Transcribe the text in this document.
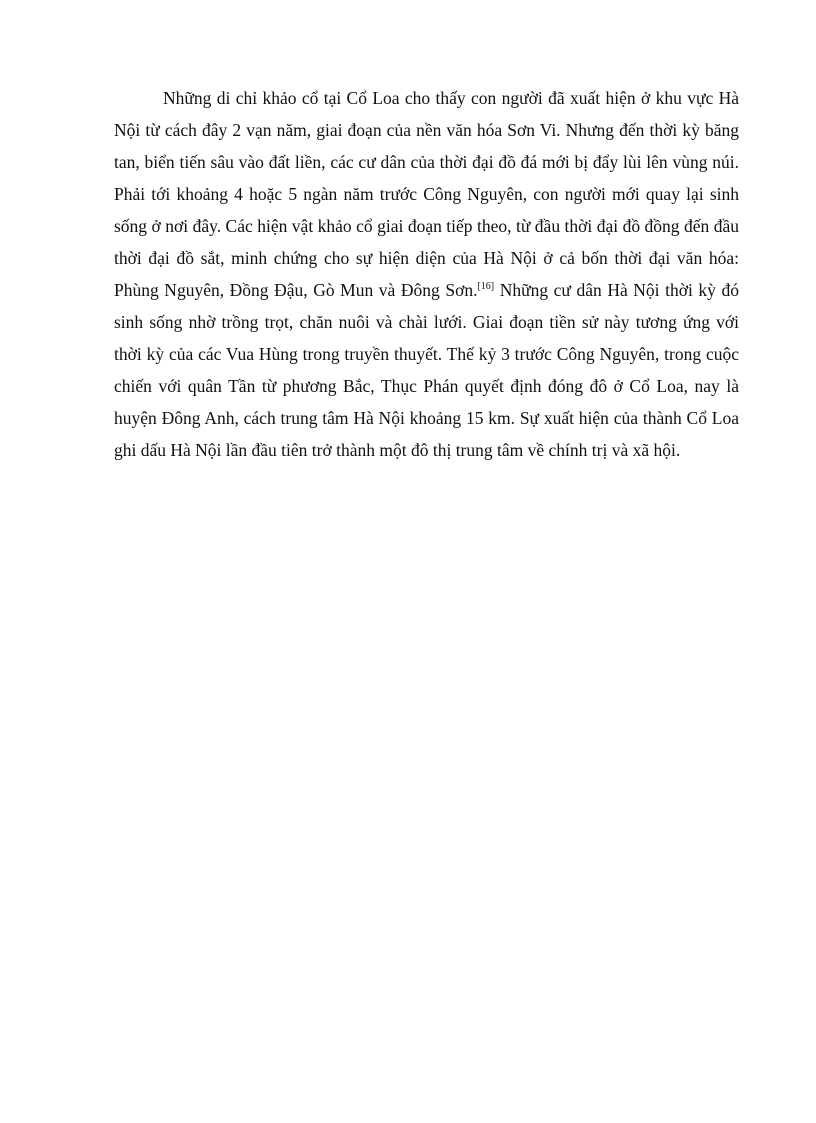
Những di chỉ khảo cổ tại Cổ Loa cho thấy con người đã xuất hiện ở khu vực Hà Nội từ cách đây 2 vạn năm, giai đoạn của nền văn hóa Sơn Vi. Nhưng đến thời kỳ băng tan, biển tiến sâu vào đất liền, các cư dân của thời đại đồ đá mới bị đẩy lùi lên vùng núi. Phải tới khoảng 4 hoặc 5 ngàn năm trước Công Nguyên, con người mới quay lại sinh sống ở nơi đây. Các hiện vật khảo cổ giai đoạn tiếp theo, từ đầu thời đại đồ đồng đến đầu thời đại đồ sắt, minh chứng cho sự hiện diện của Hà Nội ở cả bốn thời đại văn hóa: Phùng Nguyên, Đồng Đậu, Gò Mun và Đông Sơn.[16] Những cư dân Hà Nội thời kỳ đó sinh sống nhờ trồng trọt, chăn nuôi và chài lưới. Giai đoạn tiền sử này tương ứng với thời kỳ của các Vua Hùng trong truyền thuyết. Thế kỷ 3 trước Công Nguyên, trong cuộc chiến với quân Tần từ phương Bắc, Thục Phán quyết định đóng đô ở Cổ Loa, nay là huyện Đông Anh, cách trung tâm Hà Nội khoảng 15 km. Sự xuất hiện của thành Cổ Loa ghi dấu Hà Nội lần đầu tiên trở thành một đô thị trung tâm về chính trị và xã hội.
